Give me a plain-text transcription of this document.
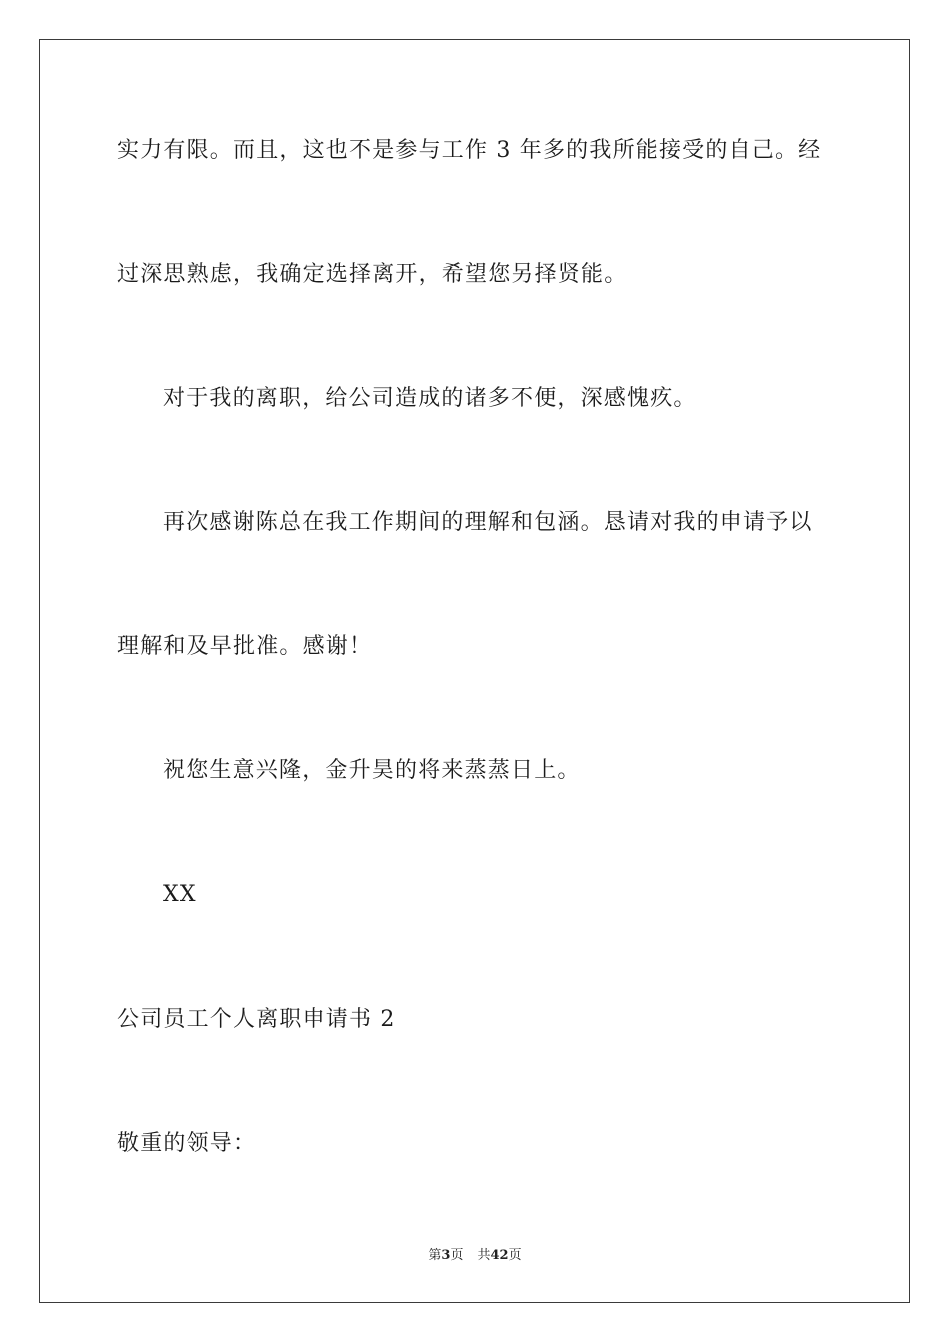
实力有限。而且，这也不是参与工作 3 年多的我所能接受的自己。经
过深思熟虑，我确定选择离开，希望您另择贤能。
对于我的离职，给公司造成的诸多不便，深感愧疚。
再次感谢陈总在我工作期间的理解和包涵。恳请对我的申请予以
理解和及早批准。感谢！
祝您生意兴隆，金升昊的将来蒸蒸日上。
XX
公司员工个人离职申请书 2
敬重的领导：
第3页 共42页
